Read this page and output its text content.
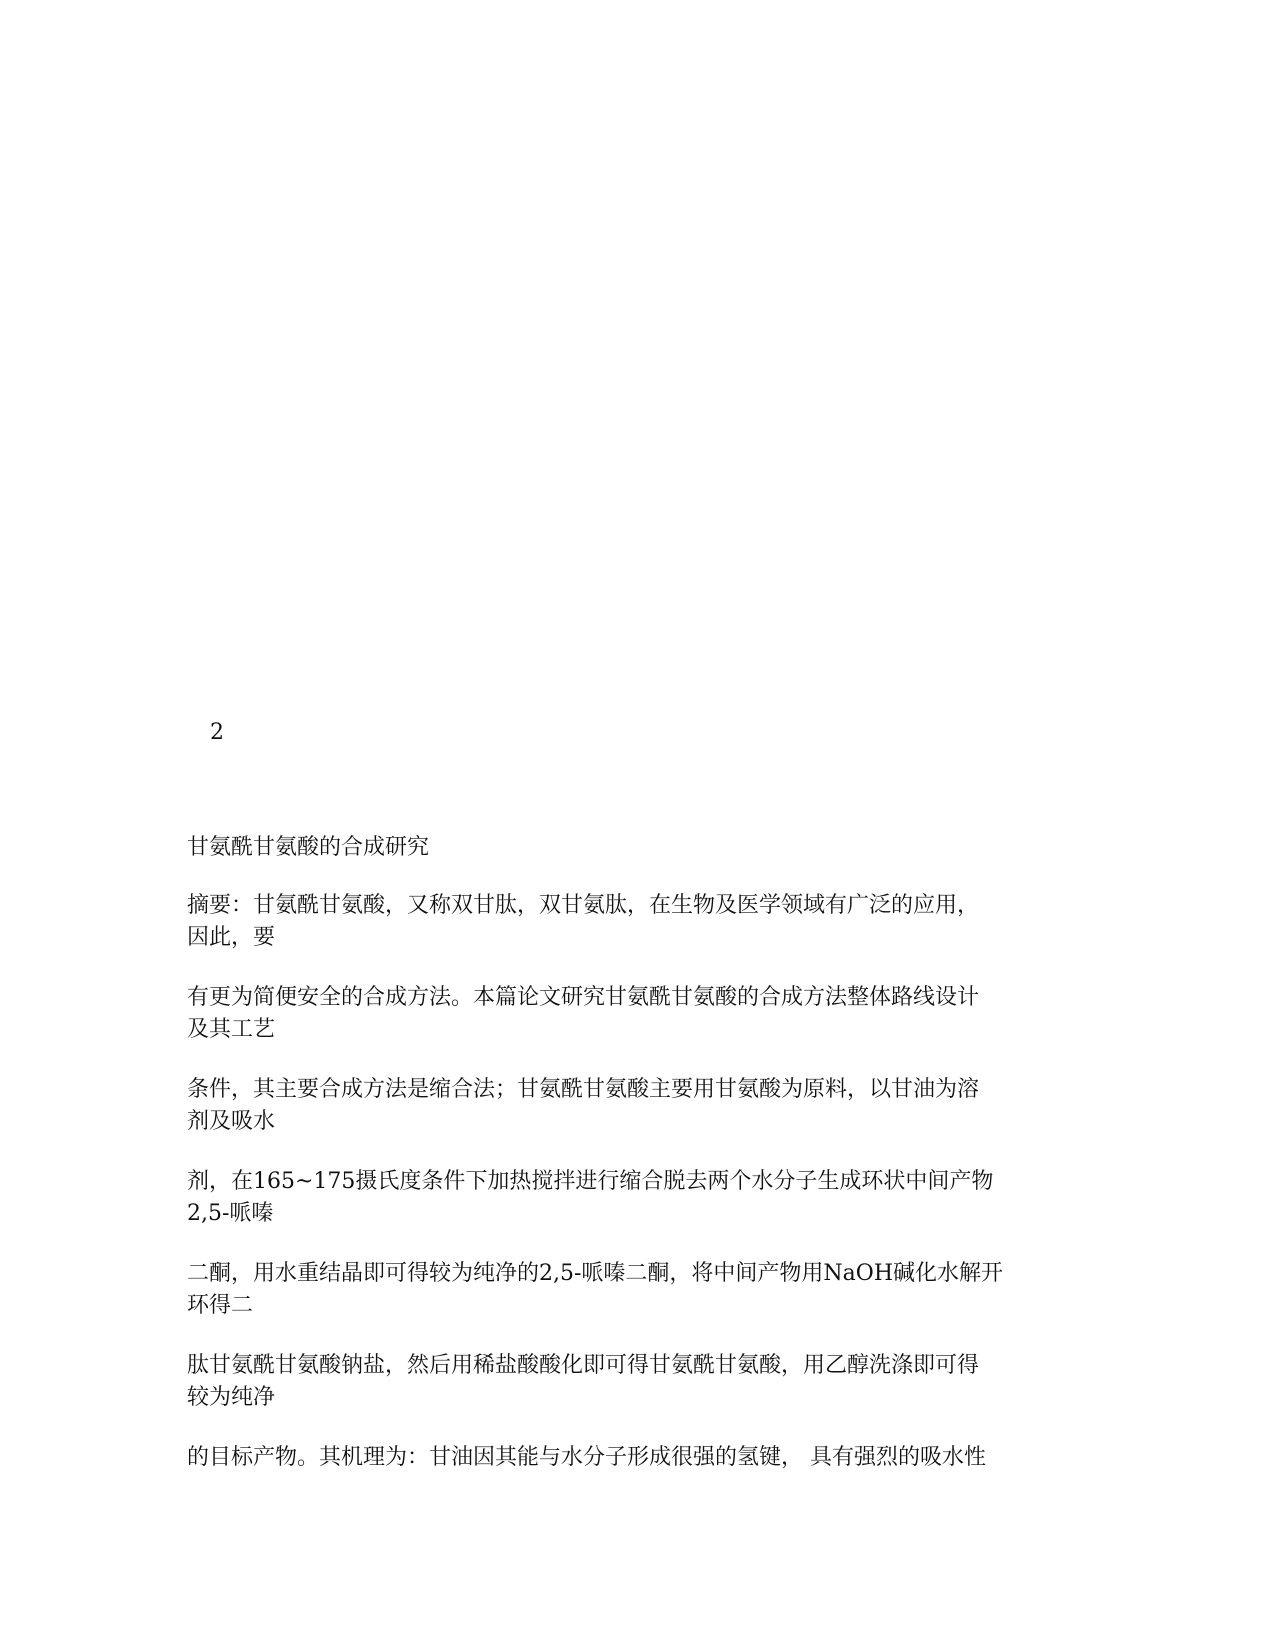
2
甘氨酰甘氨酸的合成研究

摘要：甘氨酰甘氨酸，又称双甘肽，双甘氨肽，在生物及医学领域有广泛的应用，
因此，要

有更为简便安全的合成方法。本篇论文研究甘氨酰甘氨酸的合成方法整体路线设计
及其工艺

条件，其主要合成方法是缩合法；甘氨酰甘氨酸主要用甘氨酸为原料，以甘油为溶
剂及吸水

剂，在165~175摄氏度条件下加热搅拌进行缩合脱去两个水分子生成环状中间产物
2,5-哌嗪

二酮，用水重结晶即可得较为纯净的2,5-哌嗪二酮，将中间产物用NaOH碱化水解开
环得二

肽甘氨酰甘氨酸钠盐，然后用稀盐酸酸化即可得甘氨酰甘氨酸，用乙醇洗涤即可得
较为纯净

的目标产物。其机理为：甘油因其能与水分子形成很强的氢键， 具有强烈的吸水性
